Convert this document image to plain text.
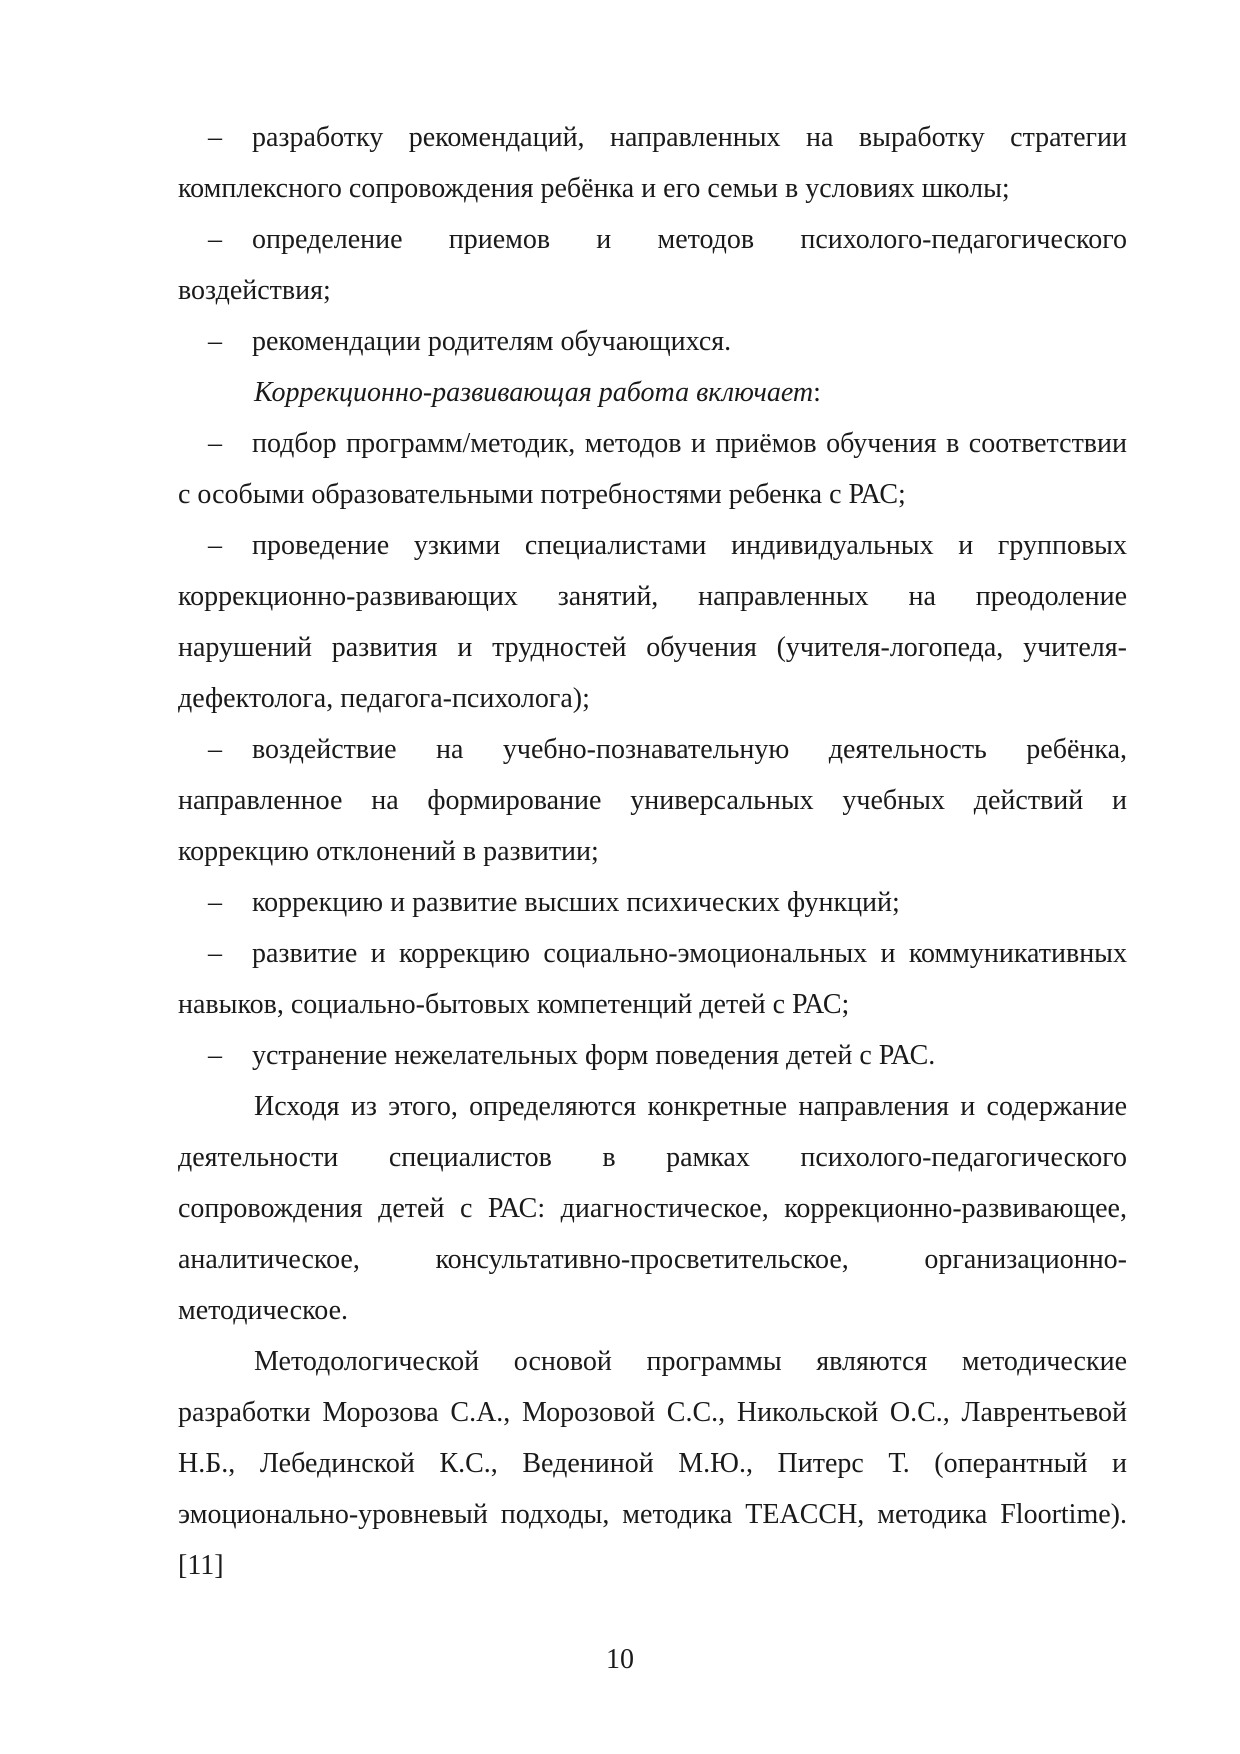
– разработку рекомендаций, направленных на выработку стратегии комплексного сопровождения ребёнка и его семьи в условиях школы;

– определение приемов и методов психолого-педагогического воздействия;

– рекомендации родителям обучающихся.

Коррекционно-развивающая работа включает:

– подбор программ/методик, методов и приёмов обучения в соответствии с особыми образовательными потребностями ребенка с РАС;

– проведение узкими специалистами индивидуальных и групповых коррекционно-развивающих занятий, направленных на преодоление нарушений развития и трудностей обучения (учителя-логопеда, учителя-дефектолога, педагога-психолога);

– воздействие на учебно-познавательную деятельность ребёнка, направленное на формирование универсальных учебных действий и коррекцию отклонений в развитии;

– коррекцию и развитие высших психических функций;

– развитие и коррекцию социально-эмоциональных и коммуникативных навыков, социально-бытовых компетенций детей с РАС;

– устранение нежелательных форм поведения детей с РАС.

Исходя из этого, определяются конкретные направления и содержание деятельности специалистов в рамках психолого-педагогического сопровождения детей с РАС: диагностическое, коррекционно-развивающее, аналитическое, консультативно-просветительское, организационно-методическое.

Методологической основой программы являются методические разработки Морозова С.А., Морозовой С.С., Никольской О.С., Лаврентьевой Н.Б., Лебединской К.С., Ведениной М.Ю., Питерс Т. (оперантный и эмоционально-уровневый подходы, методика TEACCH, методика Floortime). [11]

10
